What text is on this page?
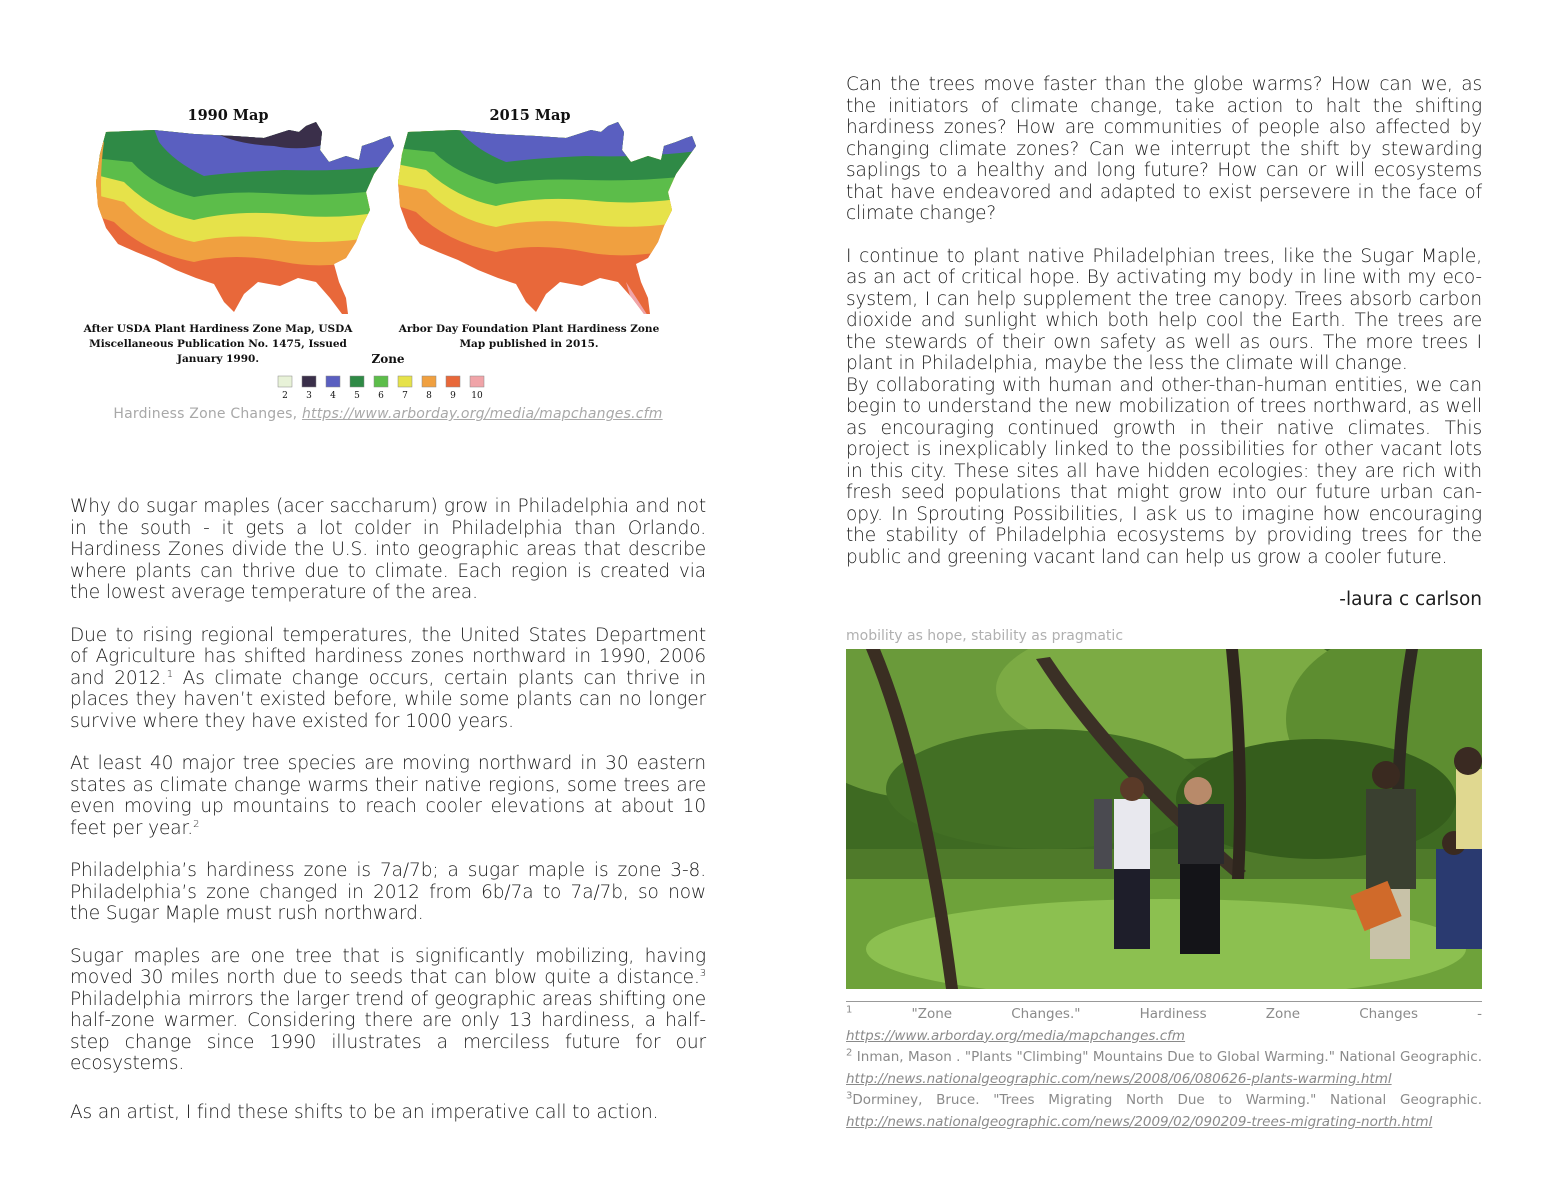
1990 Map	2015 Map
After USDA Plant Hardiness Zone Map, USDA
Miscellaneous Publication No. 1475, Issued
January 1990.
Arbor Day Foundation Plant Hardiness Zone
Map published in 2015.
Zone
2 3 4 5 6 7 8 9 10
Hardiness Zone Changes, https://www.arborday.org/media/mapchanges.cfm

Why do sugar maples (acer saccharum) grow in Philadelphia and not in the south - it gets a lot colder in Philadelphia than Orlando. Hardiness Zones divide the U.S. into geographic areas that describe where plants can thrive due to climate. Each region is created via the lowest average temperature of the area.

Due to rising regional temperatures, the United States Department of Agriculture has shifted hardiness zones northward in 1990, 2006 and 2012.$^1$ As climate change occurs, certain plants can thrive in places they haven’t existed before, while some plants can no longer survive where they have existed for 1000 years.

At least 40 major tree species are moving northward in 30 eastern states as climate change warms their native regions, some trees are even moving up mountains to reach cooler elevations at about 10 feet per year.$^2$

Philadelphia’s hardiness zone is 7a/7b; a sugar maple is zone 3-8. Philadelphia’s zone changed in 2012 from 6b/7a to 7a/7b, so now the Sugar Maple must rush northward.

Sugar maples are one tree that is significantly mobilizing, having moved 30 miles north due to seeds that can blow quite a distance.$^3$ Philadelphia mirrors the larger trend of geographic areas shifting one half-zone warmer. Considering there are only 13 hardiness, a half-step change since 1990 illustrates a merciless future for our ecosystems.

As an artist, I find these shifts to be an imperative call to action.

Can the trees move faster than the globe warms? How can we, as the initiators of climate change, take action to halt the shifting hardiness zones? How are communities of people also affected by changing climate zones? Can we interrupt the shift by stewarding saplings to a healthy and long future? How can or will ecosystems that have endeavored and adapted to exist persevere in the face of climate change?

I continue to plant native Philadelphian trees, like the Sugar Maple, as an act of critical hope. By activating my body in line with my eco-system, I can help supplement the tree canopy. Trees absorb carbon dioxide and sunlight which both help cool the Earth. The trees are the stewards of their own safety as well as ours. The more trees I plant in Philadelphia, maybe the less the climate will change.

By collaborating with human and other-than-human entities, we can begin to understand the new mobilization of trees northward, as well as encouraging continued growth in their native climates. This project is inexplicably linked to the possibilities for other vacant lots in this city. These sites all have hidden ecologies: they are rich with fresh seed populations that might grow into our future urban can-opy. In Sprouting Possibilities, I ask us to imagine how encouraging the stability of Philadelphia ecosystems by providing trees for the public and greening vacant land can help us grow a cooler future.

-laura c carlson
mobility as hope, stability as pragmatic
$^1$ "Zone Changes." Hardiness Zone Changes - https://www.arborday.org/media/mapchanges.cfm
$^2$ Inman, Mason . "Plants "Climbing" Mountains Due to Global Warming." National Geographic. http://news.nationalgeographic.com/news/2008/06/080626-plants-warming.html
$^3$Dorminey, Bruce. "Trees Migrating North Due to Warming." National Geographic. http://news.nationalgeographic.com/news/2009/02/090209-trees-migrating-north.html
